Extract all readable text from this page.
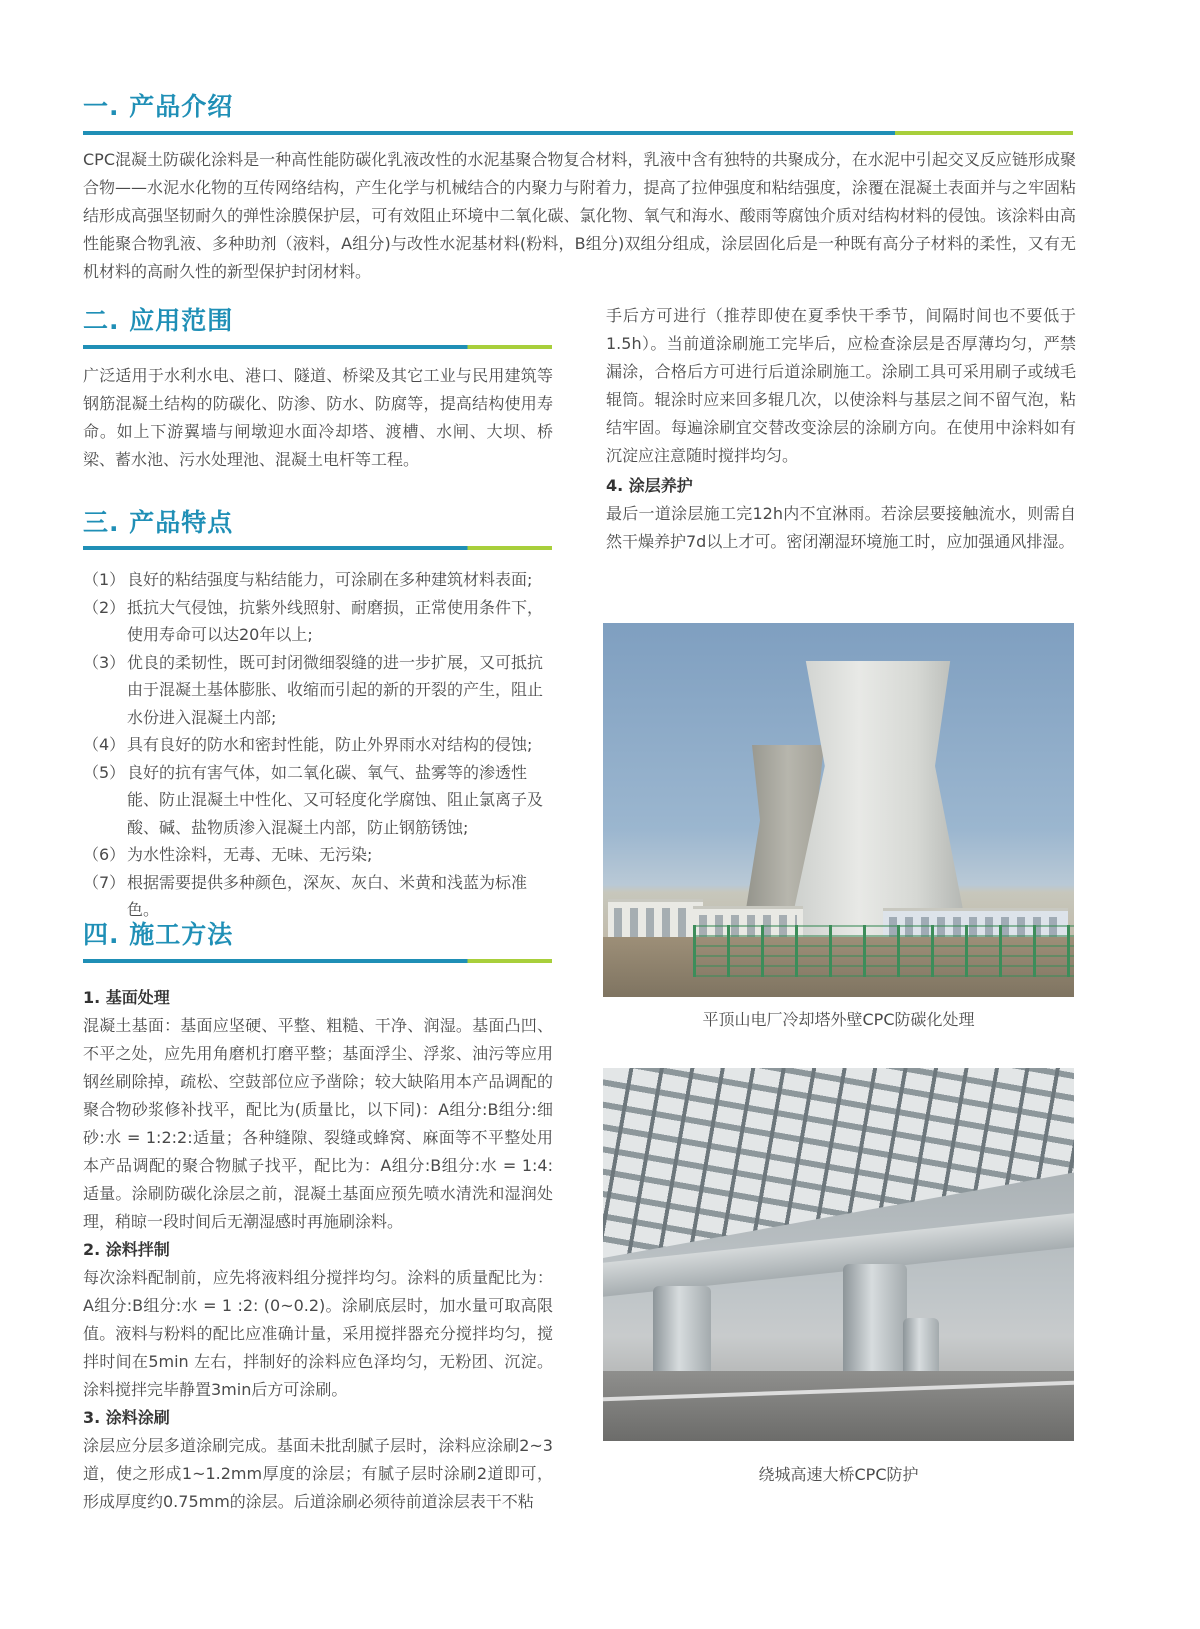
一. 产品介绍
CPC混凝土防碳化涂料是一种高性能防碳化乳液改性的水泥基聚合物复合材料，乳液中含有独特的共聚成分，在水泥中引起交叉反应链形成聚合物——水泥水化物的互传网络结构，产生化学与机械结合的内聚力与附着力，提高了拉伸强度和粘结强度，涂覆在混凝土表面并与之牢固粘结形成高强坚韧耐久的弹性涂膜保护层，可有效阻止环境中二氧化碳、氯化物、氧气和海水、酸雨等腐蚀介质对结构材料的侵蚀。该涂料由高性能聚合物乳液、多种助剂（液料，A组分)与改性水泥基材料(粉料，B组分)双组分组成，涂层固化后是一种既有高分子材料的柔性，又有无机材料的高耐久性的新型保护封闭材料。
二. 应用范围
广泛适用于水利水电、港口、隧道、桥梁及其它工业与民用建筑等钢筋混凝土结构的防碳化、防渗、防水、防腐等，提高结构使用寿命。如上下游翼墙与闸墩迎水面冷却塔、渡槽、水闸、大坝、桥梁、蓄水池、污水处理池、混凝土电杆等工程。
三. 产品特点
（1） 良好的粘结强度与粘结能力，可涂刷在多种建筑材料表面;
（2） 抵抗大气侵蚀，抗紫外线照射、耐磨损，正常使用条件下，使用寿命可以达20年以上;
（3） 优良的柔韧性，既可封闭微细裂缝的进一步扩展，又可抵抗由于混凝土基体膨胀、收缩而引起的新的开裂的产生，阻止水份进入混凝土内部;
（4） 具有良好的防水和密封性能，防止外界雨水对结构的侵蚀;
（5） 良好的抗有害气体，如二氧化碳、氧气、盐雾等的渗透性能、防止混凝土中性化、又可轻度化学腐蚀、阻止氯离子及酸、碱、盐物质渗入混凝土内部，防止钢筋锈蚀;
（6） 为水性涂料，无毒、无味、无污染;
（7） 根据需要提供多种颜色，深灰、灰白、米黄和浅蓝为标准色。
四. 施工方法
1. 基面处理
混凝土基面：基面应坚硬、平整、粗糙、干净、润湿。基面凸凹、不平之处，应先用角磨机打磨平整；基面浮尘、浮浆、油污等应用钢丝刷除掉，疏松、空鼓部位应予凿除；较大缺陷用本产品调配的聚合物砂浆修补找平，配比为(质量比，以下同)：A组分:B组分:细砂:水 = 1:2:2:适量；各种缝隙、裂缝或蜂窝、麻面等不平整处用本产品调配的聚合物腻子找平，配比为：A组分:B组分:水 = 1:4:适量。涂刷防碳化涂层之前，混凝土基面应预先喷水清洗和湿润处理，稍晾一段时间后无潮湿感时再施刷涂料。
2. 涂料拌制
每次涂料配制前，应先将液料组分搅拌均匀。涂料的质量配比为：A组分:B组分:水 = 1 :2: (0~0.2)。涂刷底层时，加水量可取高限值。液料与粉料的配比应准确计量，采用搅拌器充分搅拌均匀，搅拌时间在5min 左右，拌制好的涂料应色泽均匀，无粉团、沉淀。涂料搅拌完毕静置3min后方可涂刷。
3. 涂料涂刷
涂层应分层多道涂刷完成。基面未批刮腻子层时，涂料应涂刷2~3道，使之形成1~1.2mm厚度的涂层；有腻子层时涂刷2道即可，形成厚度约0.75mm的涂层。后道涂刷必须待前道涂层表干不粘
手后方可进行（推荐即使在夏季快干季节，间隔时间也不要低于1.5h）。当前道涂刷施工完毕后，应检查涂层是否厚薄均匀，严禁漏涂，合格后方可进行后道涂刷施工。涂刷工具可采用刷子或绒毛辊筒。辊涂时应来回多辊几次，以使涂料与基层之间不留气泡，粘结牢固。每遍涂刷宜交替改变涂层的涂刷方向。在使用中涂料如有沉淀应注意随时搅拌均匀。
4. 涂层养护
最后一道涂层施工完12h内不宜淋雨。若涂层要接触流水，则需自然干燥养护7d以上才可。密闭潮湿环境施工时，应加强通风排湿。
平顶山电厂冷却塔外壁CPC防碳化处理
绕城高速大桥CPC防护
